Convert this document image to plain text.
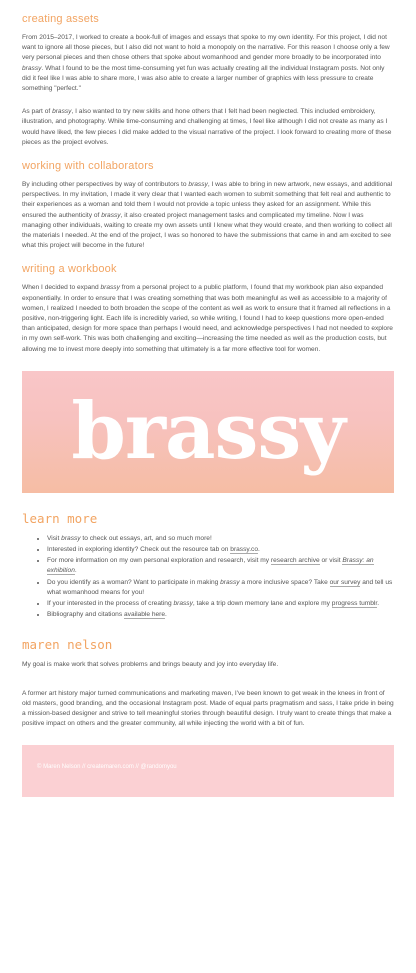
creating assets

From 2015–2017, I worked to create a book-full of images and essays that spoke to my own identity. For this project, I did not want to ignore all those pieces, but I also did not want to hold a monopoly on the narrative. For this reason I choose only a few very personal pieces and then chose others that spoke about womanhood and gender more broadly to be incorporated into brassy. What I found to be the most time-consuming yet fun was actually creating all the individual Instagram posts. Not only did it feel like I was able to share more, I was also able to create a larger number of graphics with less pressure to create something "perfect."

As part of brassy, I also wanted to try new skills and hone others that I felt had been neglected. This included embroidery, illustration, and photography. While time-consuming and challenging at times, I feel like although I did not create as many as I would have liked, the few pieces I did make added to the visual narrative of the project. I look forward to creating more of these pieces as the project evolves.

working with collaborators

By including other perspectives by way of contributors to brassy, I was able to bring in new artwork, new essays, and additional perspectives. In my invitation, I made it very clear that I wanted each women to submit something that felt real and authentic to their experiences as a woman and told them I would not provide a topic unless they asked for an assignment. While this ensured the authenticity of brassy, it also created project management tasks and complicated my timeline. Now I was managing other individuals, waiting to create my own assets until I knew what they would create, and then working to collect all the materials I needed. At the end of the project, I was so honored to have the submissions that came in and am excited to see what this project will become in the future!

writing a workbook

When I decided to expand brassy from a personal project to a public platform, I found that my workbook plan also expanded exponentially. In order to ensure that I was creating something that was both meaningful as well as accessible to a majority of women, I realized I needed to both broaden the scope of the content as well as work to ensure that it framed all reflections in a positive, non-triggering light. Each life is incredibly varied, so while writing, I found I had to keep questions more open-ended than anticipated, design for more space than perhaps I would need, and acknowledge perspectives I had not needed to explore in my own self-work. This was both challenging and exciting—increasing the time needed as well as the production costs, but allowing me to invest more deeply into something that ultimately is a far more effective tool for women.

brassy
learn more
• Visit brassy to check out essays, art, and so much more!
• Interested in exploring identity? Check out the resource tab on brassy.co.
• For more information on my own personal exploration and research, visit my research archive or visit Brassy: an exhibition.
• Do you identify as a woman? Want to participate in making brassy a more inclusive space? Take our survey and tell us what womanhood means for you!
• If your interested in the process of creating brassy, take a trip down memory lane and explore my progress tumblr.
• Bibliography and citations available here.
maren nelson

My goal is make work that solves problems and brings beauty and joy into everyday life.

A former art history major turned communications and marketing maven, I've been known to get weak in the knees in front of old masters, good branding, and the occasional Instagram post. Made of equal parts pragmatism and sass, I take pride in being a mission-based designer and strive to tell meaningful stories through beautiful design. I truly want to create things that make a positive impact on others and the greater community, all while injecting the world with a bit of fun.

© Maren Nelson // createmaren.com // @randomyou
